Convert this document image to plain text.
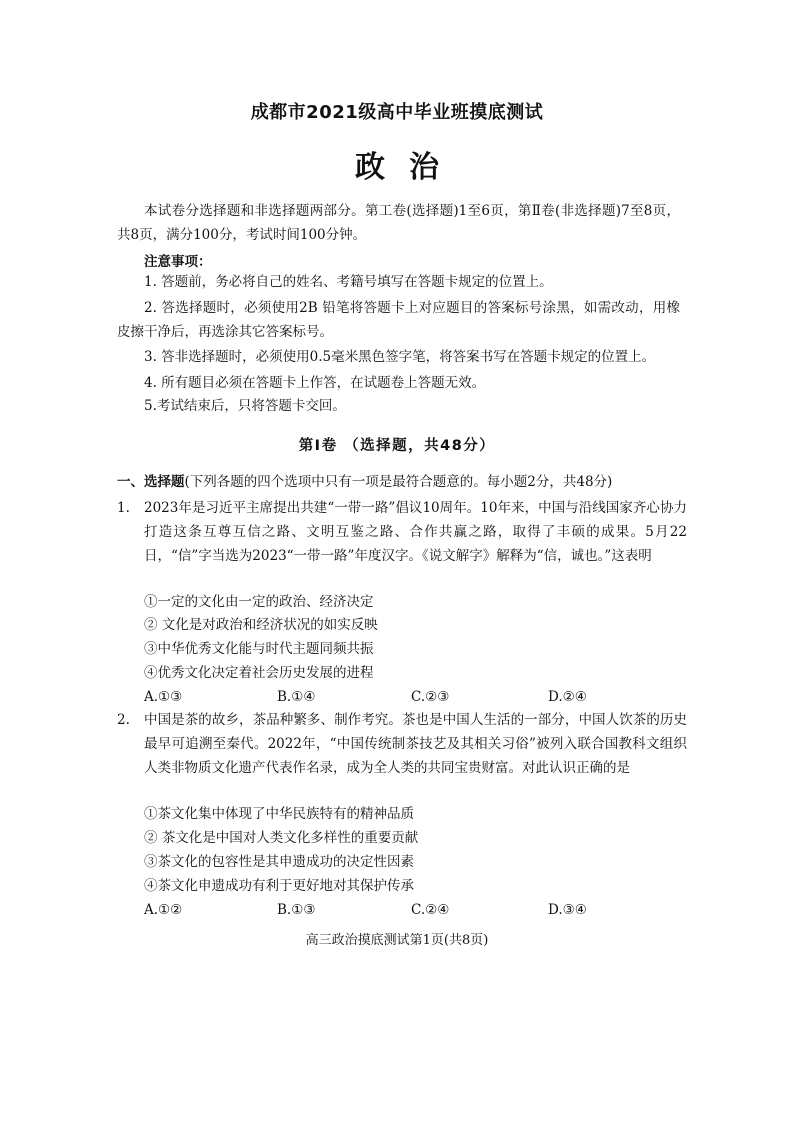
成都市2021级高中毕业班摸底测试
政治

本试卷分选择题和非选择题两部分。第工卷(选择题)1至6页，第Ⅱ卷(非选择题)7至8页，共8页，满分100分，考试时间100分钟。

注意事项：

1. 答题前，务必将自己的姓名、考籍号填写在答题卡规定的位置上。

2. 答选择题时，必须使用2B 铅笔将答题卡上对应题目的答案标号涂黑，如需改动，用橡皮擦干净后，再选涂其它答案标号。

3. 答非选择题时，必须使用0.5毫米黑色签字笔，将答案书写在答题卡规定的位置上。

4. 所有题目必须在答题卡上作答，在试题卷上答题无效。

5.考试结束后，只将答题卡交回。

第Ⅰ卷 （选择题，共48分）
一、选择题(下列各题的四个选项中只有一项是最符合题意的。每小题2分，共48分)
1. 2023年是习近平主席提出共建“一带一路”倡议10周年。10年来，中国与沿线国家齐心协力打造这条互尊互信之路、文明互鉴之路、合作共赢之路，取得了丰硕的成果。5月22日，“信”字当选为2023“一带一路”年度汉字。《说文解字》解释为“信，诚也。”这表明

①一定的文化由一定的政治、经济决定
② 文化是对政治和经济状况的如实反映
③中华优秀文化能与时代主题同频共振
④优秀文化决定着社会历史发展的进程
A.①③	B.①④	C.②③	D.②④
2. 中国是茶的故乡，茶品种繁多、制作考究。茶也是中国人生活的一部分，中国人饮茶的历史最早可追溯至秦代。2022年，“中国传统制茶技艺及其相关习俗”被列入联合国教科文组织人类非物质文化遗产代表作名录，成为全人类的共同宝贵财富。对此认识正确的是

①茶文化集中体现了中华民族特有的精神品质
② 茶文化是中国对人类文化多样性的重要贡献
③茶文化的包容性是其申遗成功的决定性因素
④茶文化申遗成功有利于更好地对其保护传承
A.①②	B.①③	C.②④	D.③④
高三政治摸底测试第1页(共8页)
